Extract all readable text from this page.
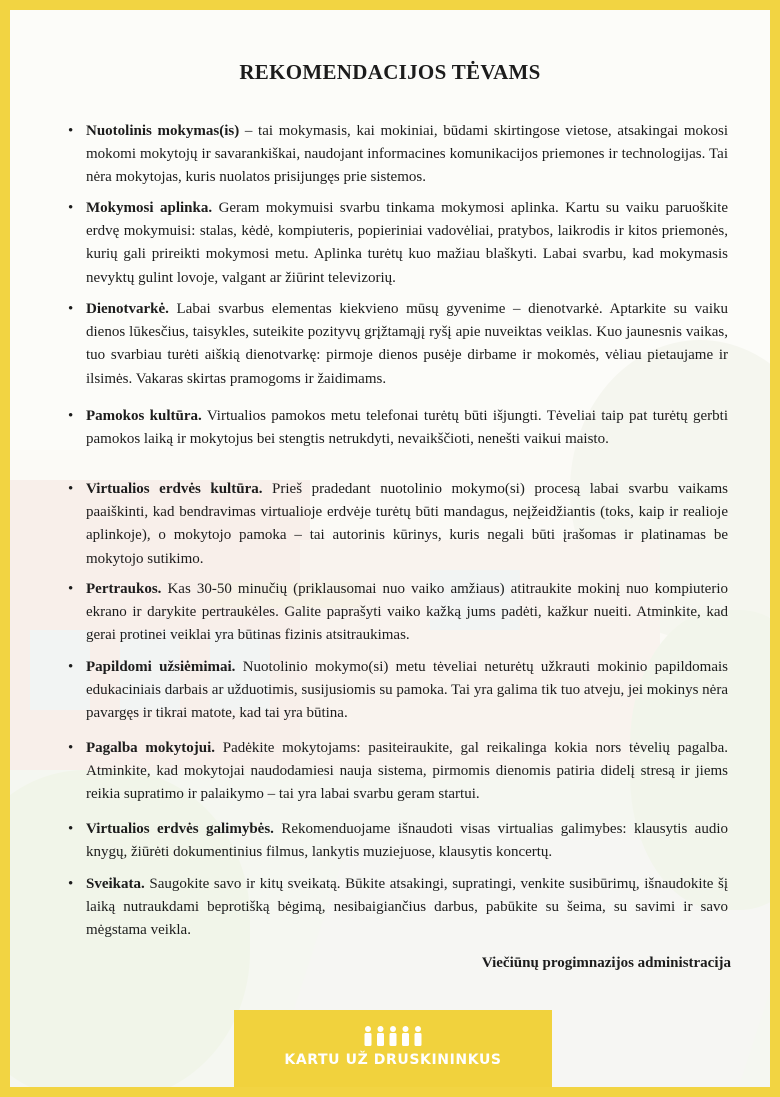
REKOMENDACIJOS TĖVAMS
• Nuotolinis mokymas(is) – tai mokymasis, kai mokiniai, būdami skirtingose vietose, atsakingai mokosi mokomi mokytojų ir savarankiškai, naudojant informacines komunikacijos priemones ir technologijas. Tai nėra mokytojas, kuris nuolatos prisijungęs prie sistemos.
• Mokymosi aplinka. Geram mokymuisi svarbu tinkama mokymosi aplinka. Kartu su vaiku paruoškite erdvę mokymuisi: stalas, kėdė, kompiuteris, popieriniai vadovėliai, pratybos, laikrodis ir kitos priemonės, kurių gali prireikti mokymosi metu. Aplinka turėtų kuo mažiau blaškyti. Labai svarbu, kad mokymasis nevyktų gulint lovoje, valgant ar žiūrint televizorių.
• Dienotvarkė. Labai svarbus elementas kiekvieno mūsų gyvenime – dienotvarkė. Aptarkite su vaiku dienos lūkesčius, taisykles, suteikite pozityvų grįžtamąjį ryšį apie nuveiktas veiklas. Kuo jaunesnis vaikas, tuo svarbiau turėti aiškią dienotvarkę: pirmoje dienos pusėje dirbame ir mokomės, vėliau pietaujame ir ilsimės. Vakaras skirtas pramogoms ir žaidimams.
• Pamokos kultūra. Virtualios pamokos metu telefonai turėtų būti išjungti. Tėveliai taip pat turėtų gerbti pamokos laiką ir mokytojus bei stengtis netrukdyti, nevaikščioti, nenešti vaikui maisto.
• Virtualios erdvės kultūra. Prieš pradedant nuotolinio mokymo(si) procesą labai svarbu vaikams paaiškinti, kad bendravimas virtualioje erdvėje turėtų būti mandagus, neįžeidžiantis (toks, kaip ir realioje aplinkoje), o mokytojo pamoka – tai autorinis kūrinys, kuris negali būti įrašomas ir platinamas be mokytojo sutikimo.
• Pertraukos. Kas 30-50 minučių (priklausomai nuo vaiko amžiaus) atitraukite mokinį nuo kompiuterio ekrano ir darykite pertraukėles. Galite paprašyti vaiko kažką jums padėti, kažkur nueiti. Atminkite, kad gerai protinei veiklai yra būtinas fizinis atsitraukimas.
• Papildomi užsiėmimai. Nuotolinio mokymo(si) metu tėveliai neturėtų užkrauti mokinio papildomais edukaciniais darbais ar užduotimis, susijusiomis su pamoka. Tai yra galima tik tuo atveju, jei mokinys nėra pavargęs ir tikrai matote, kad tai yra būtina.
• Pagalba mokytojui. Padėkite mokytojams: pasiteiraukite, gal reikalinga kokia nors tėvelių pagalba. Atminkite, kad mokytojai naudodamiesi nauja sistema, pirmomis dienomis patiria didelį stresą ir jiems reikia supratimo ir palaikymo – tai yra labai svarbu geram startui.
• Virtualios erdvės galimybės. Rekomenduojame išnaudoti visas virtualias galimybes: klausytis audio knygų, žiūrėti dokumentinius filmus, lankytis muziejuose, klausytis koncertų.
• Sveikata. Saugokite savo ir kitų sveikatą. Būkite atsakingi, supratingi, venkite susibūrimų, išnaudokite šį laiką nutraukdami beprotišką bėgimą, nesibaigiančius darbus, pabūkite su šeima, su savimi ir savo mėgstama veikla.

Viečiūnų progimnazijos administracija

KARTU UŽ DRUSKININKUS
